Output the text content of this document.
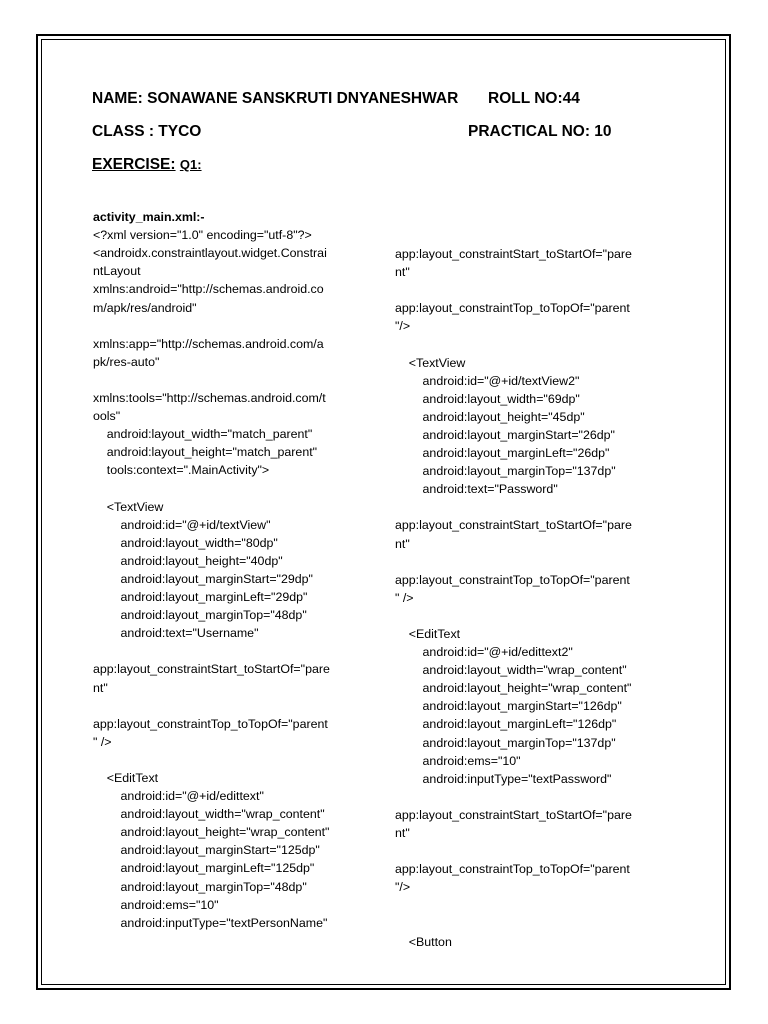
NAME: SONAWANE SANSKRUTI DNYANESHWAR ROLL NO:44
CLASS : TYCO	PRACTICAL NO: 10
EXERCISE: Q1:
activity_main.xml:-
<?xml version="1.0" encoding="utf-8"?>
<androidx.constraintlayout.widget.Constrai
ntLayout
xmlns:android="http://schemas.android.co
m/apk/res/android"
xmlns:app="http://schemas.android.com/a
pk/res-auto"
xmlns:tools="http://schemas.android.com/t
ools"
android:layout_width="match_parent"
android:layout_height="match_parent"
tools:context=".MainActivity">
<TextView
android:id="@+id/textView"
android:layout_width="80dp"
android:layout_height="40dp"
android:layout_marginStart="29dp"
android:layout_marginLeft="29dp"
android:layout_marginTop="48dp"
android:text="Username"
app:layout_constraintStart_toStartOf="pare
nt"
app:layout_constraintTop_toTopOf="parent
" />
<EditText
android:id="@+id/edittext"
android:layout_width="wrap_content"
android:layout_height="wrap_content"
android:layout_marginStart="125dp"
android:layout_marginLeft="125dp"
android:layout_marginTop="48dp"
android:ems="10"
android:inputType="textPersonName"
app:layout_constraintStart_toStartOf="pare
nt"
app:layout_constraintTop_toTopOf="parent
"/>
<TextView
android:id="@+id/textView2"
android:layout_width="69dp"
android:layout_height="45dp"
android:layout_marginStart="26dp"
android:layout_marginLeft="26dp"
android:layout_marginTop="137dp"
android:text="Password"
app:layout_constraintStart_toStartOf="pare
nt"
app:layout_constraintTop_toTopOf="parent
" />
<EditText
android:id="@+id/edittext2"
android:layout_width="wrap_content"
android:layout_height="wrap_content"
android:layout_marginStart="126dp"
android:layout_marginLeft="126dp"
android:layout_marginTop="137dp"
android:ems="10"
android:inputType="textPassword"
app:layout_constraintStart_toStartOf="pare
nt"
app:layout_constraintTop_toTopOf="parent
"/>
<Button
